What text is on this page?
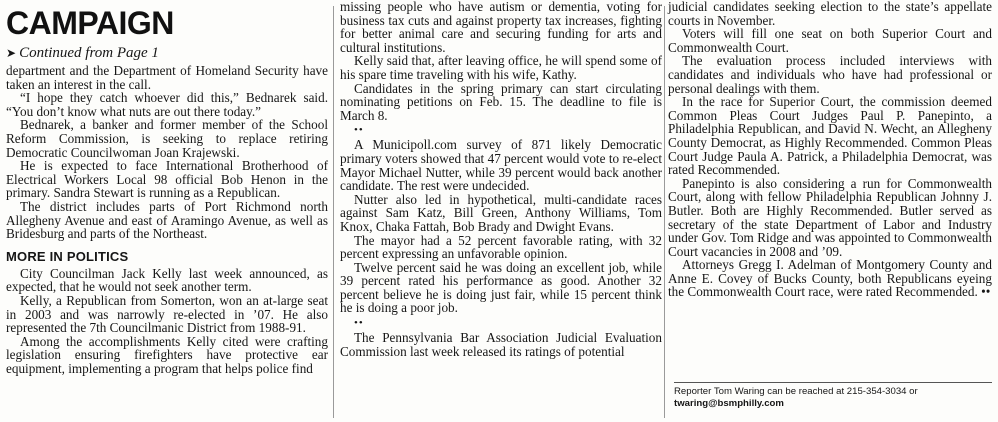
CAMPAIGN
➤ Continued from Page 1

department and the Department of Homeland Security have taken an interest in the call.

“I hope they catch whoever did this,” Bednarek said. “You don’t know what nuts are out there today.”

Bednarek, a banker and former member of the School Reform Commission, is seeking to replace retiring Democratic Councilwoman Joan Krajewski.

He is expected to face International Brotherhood of Electrical Workers Local 98 official Bob Henon in the primary. Sandra Stewart is running as a Republican.

The district includes parts of Port Richmond north Allegheny Avenue and east of Aramingo Avenue, as well as Bridesburg and parts of the Northeast.

MORE IN POLITICS

City Councilman Jack Kelly last week announced, as expected, that he would not seek another term.

Kelly, a Republican from Somerton, won an at-large seat in 2003 and was narrowly re-elected in ’07. He also represented the 7th Councilmanic District from 1988-91.

Among the accomplishments Kelly cited were crafting legislation ensuring firefighters have protective ear equipment, implementing a program that helps police find

missing people who have autism or dementia, voting for business tax cuts and against property tax increases, fighting for better animal care and securing funding for arts and cultural institutions.

Kelly said that, after leaving office, he will spend some of his spare time traveling with his wife, Kathy.

Candidates in the spring primary can start circulating nominating petitions on Feb. 15. The deadline to file is March 8.

••

A Municipoll.com survey of 871 likely Democratic primary voters showed that 47 percent would vote to re-elect Mayor Michael Nutter, while 39 percent would back another candidate. The rest were undecided.

Nutter also led in hypothetical, multi-candidate races against Sam Katz, Bill Green, Anthony Williams, Tom Knox, Chaka Fattah, Bob Brady and Dwight Evans.

The mayor had a 52 percent favorable rating, with 32 percent expressing an unfavorable opinion.

Twelve percent said he was doing an excellent job, while 39 percent rated his performance as good. Another 32 percent believe he is doing just fair, while 15 percent think he is doing a poor job.

••

The Pennsylvania Bar Association Judicial Evaluation Commission last week released its ratings of potential

judicial candidates seeking election to the state’s appellate courts in November.

Voters will fill one seat on both Superior Court and Commonwealth Court.

The evaluation process included interviews with candidates and individuals who have had professional or personal dealings with them.

In the race for Superior Court, the commission deemed Common Pleas Court Judges Paul P. Panepinto, a Philadelphia Republican, and David N. Wecht, an Allegheny County Democrat, as Highly Recommended. Common Pleas Court Judge Paula A. Patrick, a Philadelphia Democrat, was rated Recommended.

Panepinto is also considering a run for Commonwealth Court, along with fellow Philadelphia Republican Johnny J. Butler. Both are Highly Recommended. Butler served as secretary of the state Department of Labor and Industry under Gov. Tom Ridge and was appointed to Commonwealth Court vacancies in 2008 and ’09.

Attorneys Gregg I. Adelman of Montgomery County and Anne E. Covey of Bucks County, both Republicans eyeing the Commonwealth Court race, were rated Recommended. ••

Reporter Tom Waring can be reached at 215-354-3034 or twaring@bsmphilly.com
